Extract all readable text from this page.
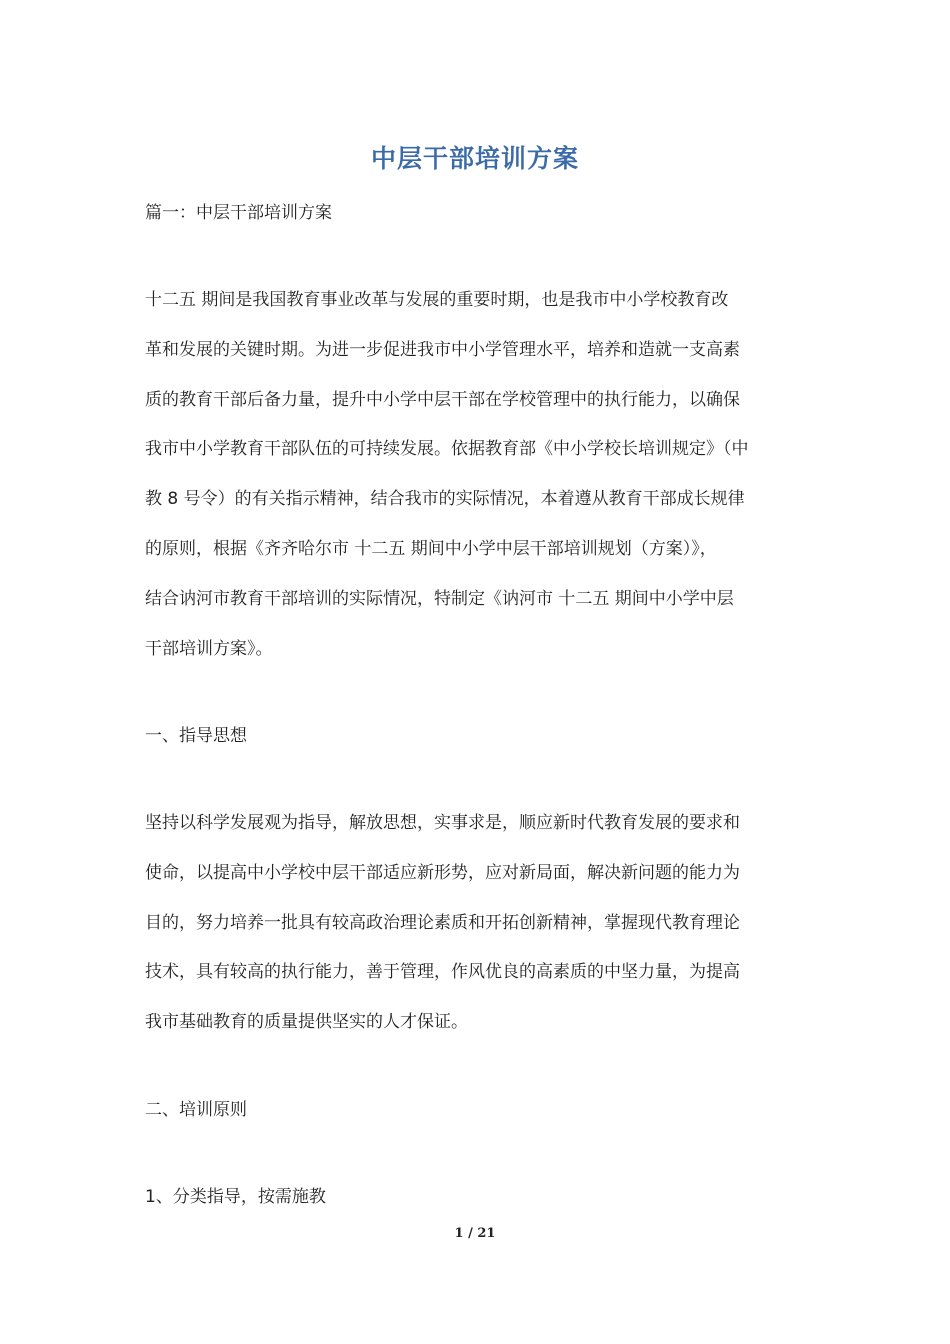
中层干部培训方案
篇一：中层干部培训方案
十二五 期间是我国教育事业改革与发展的重要时期，也是我市中小学校教育改
革和发展的关键时期。为进一步促进我市中小学管理水平，培养和造就一支高素
质的教育干部后备力量，提升中小学中层干部在学校管理中的执行能力，以确保
我市中小学教育干部队伍的可持续发展。依据教育部《中小学校长培训规定》（中
教 8 号令）的有关指示精神，结合我市的实际情况，本着遵从教育干部成长规律
的原则，根据《齐齐哈尔市 十二五 期间中小学中层干部培训规划（方案）》，
结合讷河市教育干部培训的实际情况，特制定《讷河市 十二五 期间中小学中层
干部培训方案》。
一、指导思想
坚持以科学发展观为指导，解放思想，实事求是，顺应新时代教育发展的要求和
使命，以提高中小学校中层干部适应新形势，应对新局面，解决新问题的能力为
目的，努力培养一批具有较高政治理论素质和开拓创新精神，掌握现代教育理论
技术，具有较高的执行能力，善于管理，作风优良的高素质的中坚力量，为提高
我市基础教育的质量提供坚实的人才保证。
二、培训原则
1、分类指导，按需施教
1 / 21
